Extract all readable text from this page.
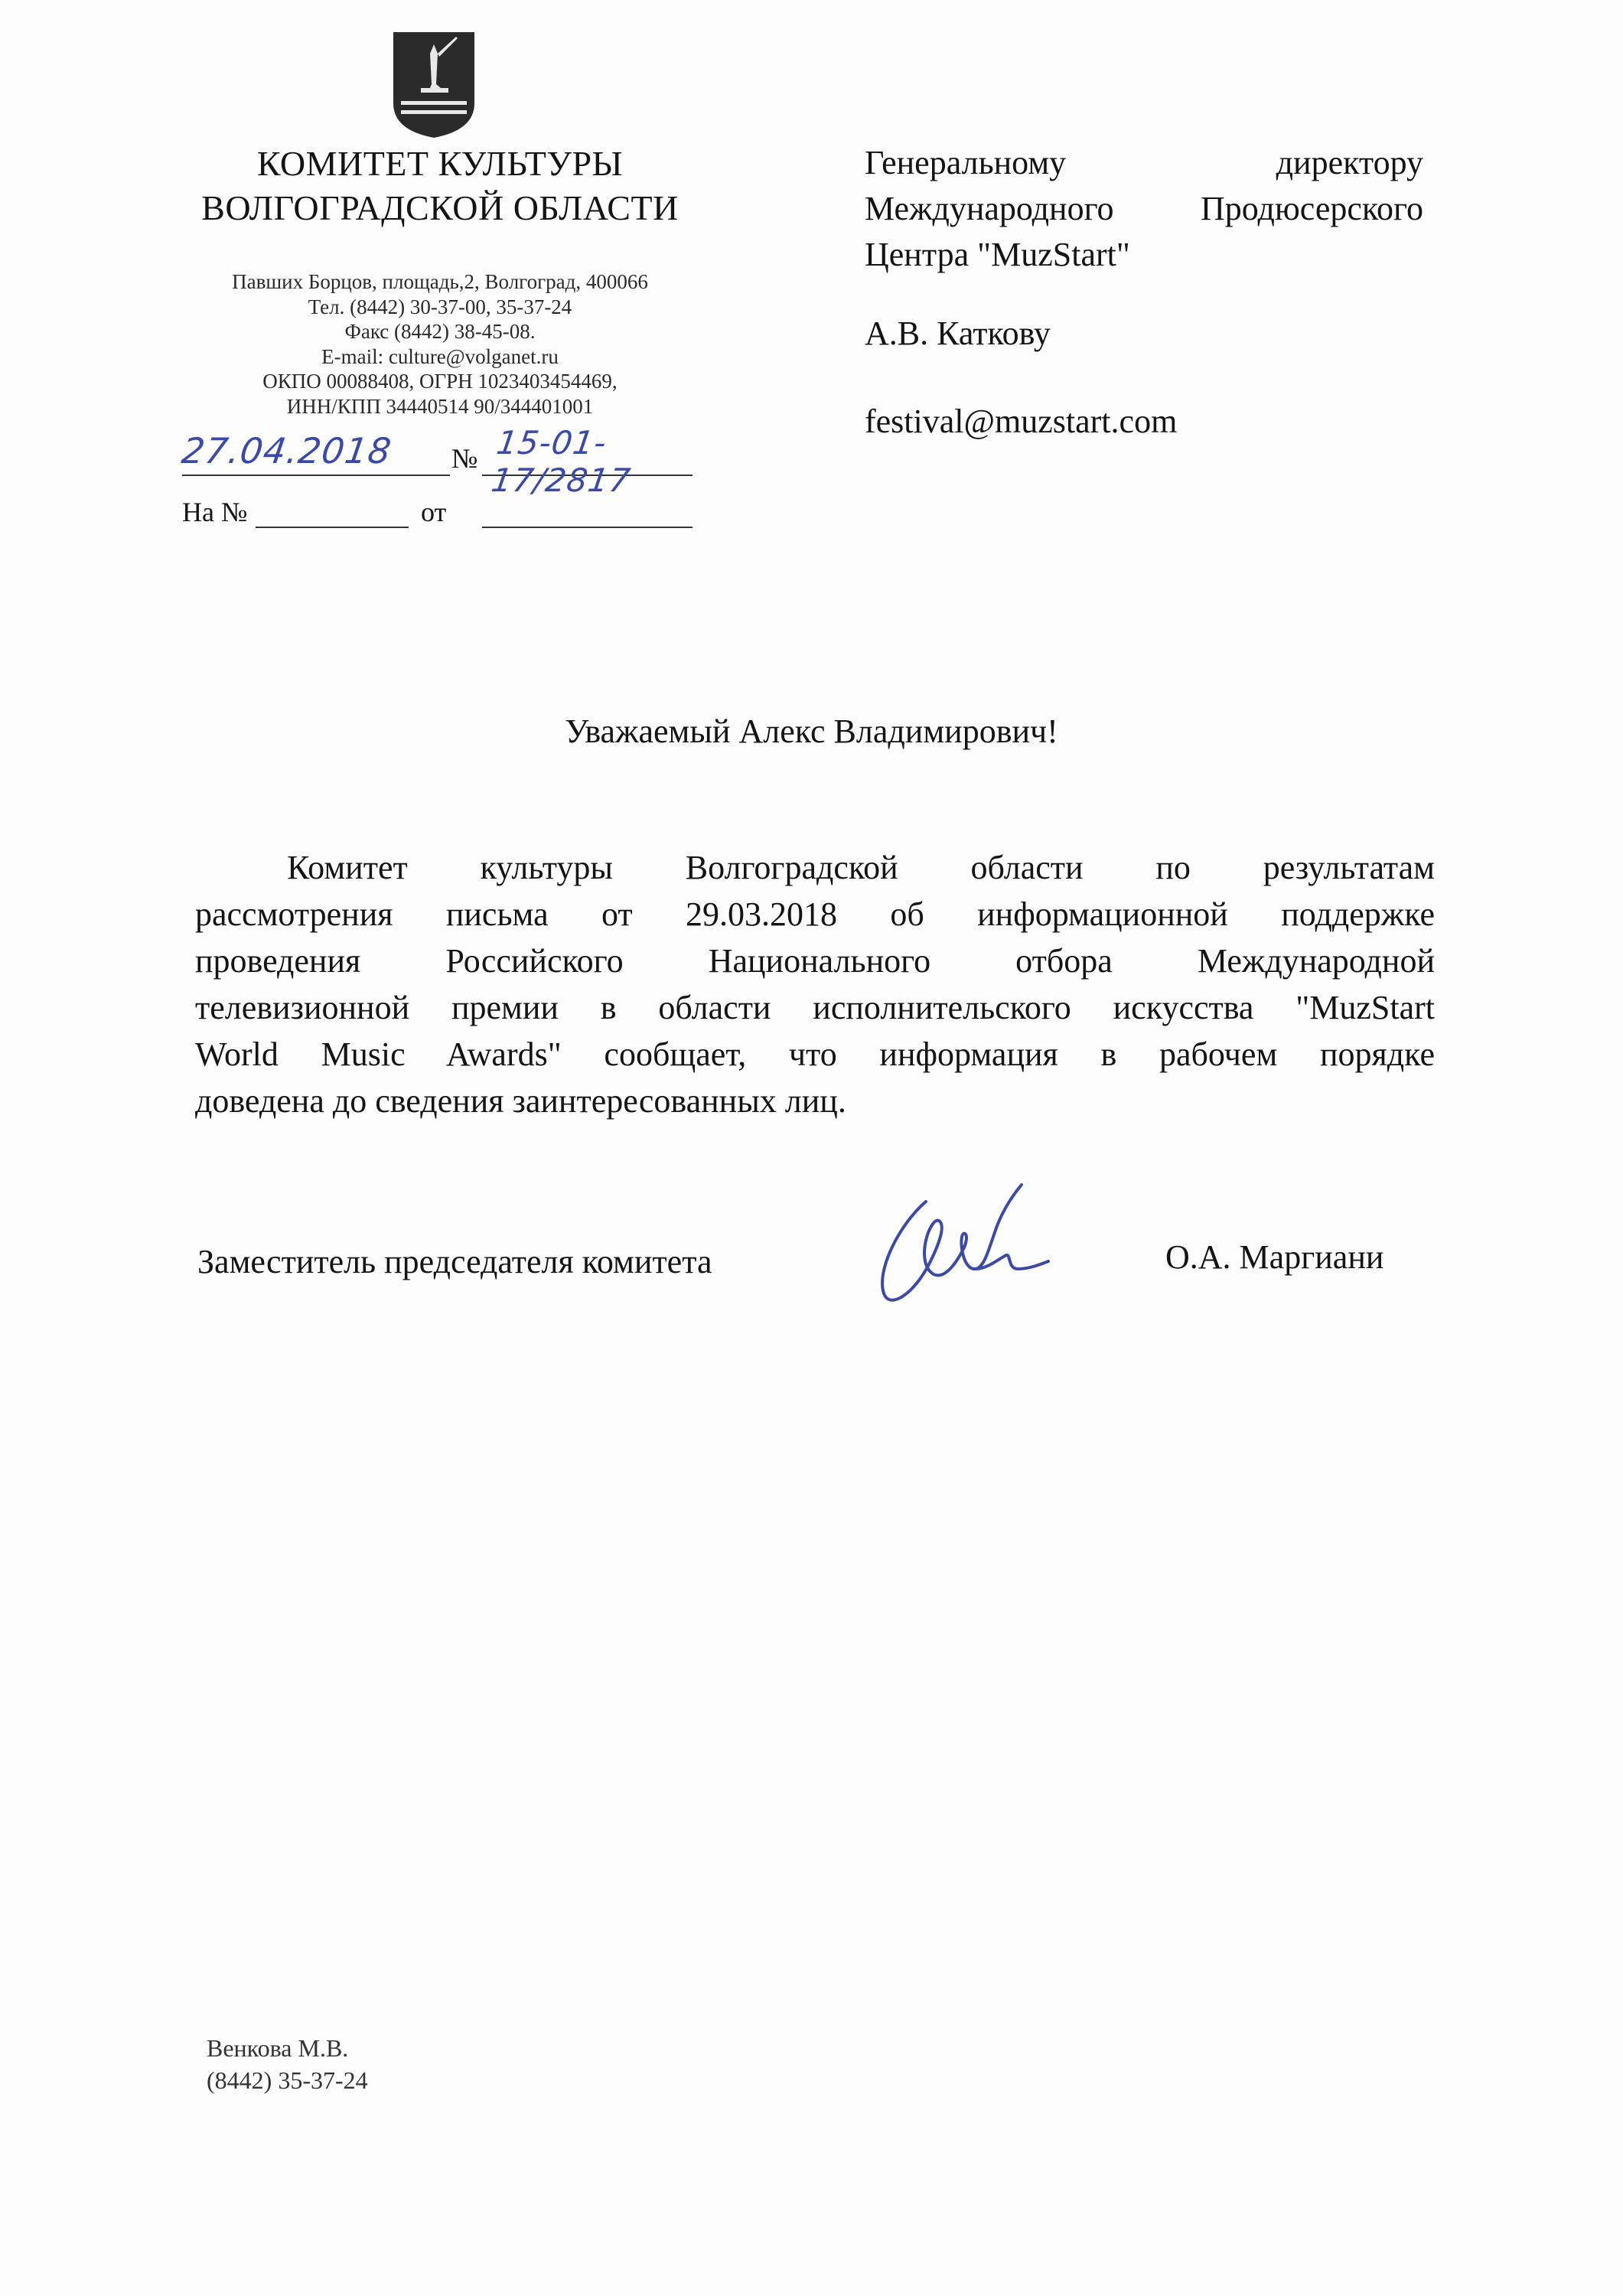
КОМИТЕТ КУЛЬТУРЫ
ВОЛГОГРАДСКОЙ ОБЛАСТИ
Павших Борцов, площадь,2, Волгоград, 400066
Тел. (8442) 30-37-00, 35-37-24
Факс (8442) 38-45-08.
E-mail: culture@volganet.ru
ОКПО 00088408, ОГРН 1023403454469,
ИНН/КПП 34440514 90/344401001
27.04.2018 № 15-01-17/2817
На №	от
Генеральному директору
Международного Продюсерского
Центра "MuzStart"
А.В. Каткову
festival@muzstart.com
Уважаемый Алекс Владимирович!
Комитет культуры Волгоградской области по результатам
рассмотрения письма от 29.03.2018 об информационной поддержке
проведения Российского Национального отбора Международной
телевизионной премии в области исполнительского искусства "MuzStart
World Music Awards" сообщает, что информация в рабочем порядке
доведена до сведения заинтересованных лиц.
Заместитель председателя комитета	О.А. Маргиани
Венкова М.В.
(8442) 35-37-24
